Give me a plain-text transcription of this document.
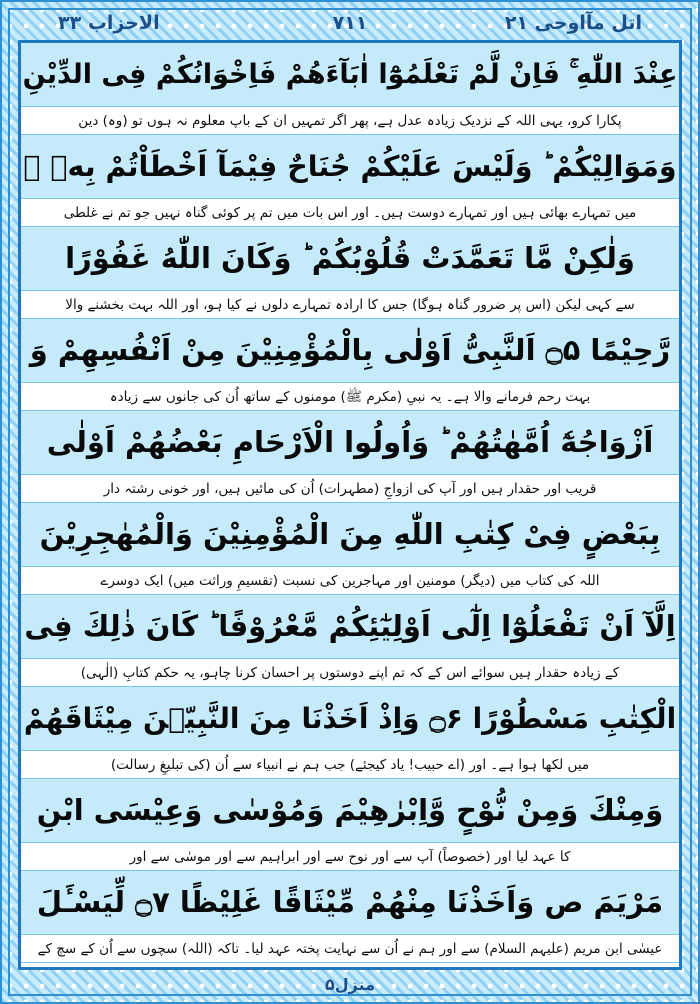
الاحزاب ۳۳	۷۱۱	اتل مآاوحی ۲۱
عِنْدَ اللّٰهِ ۚ فَاِنْ لَّمْ تَعْلَمُوْٓا اٰبَآءَهُمْ فَاِخْوَانُكُمْ فِى الدِّيْنِ
پکارا کرو، یہی اللہ کے نزدیک زیادہ عدل ہے، پھر اگر تمہیں ان کے باپ معلوم نہ ہوں تو (وہ) دین
وَمَوَالِيْكُمْ ؕ وَلَيْسَ عَلَيْكُمْ جُنَاحٌ فِيْمَآ اَخْطَاْتُمْ بِهٖ ۙ
میں تمہارے بھائی ہیں اور تمہارے دوست ہیں۔ اور اس بات میں تم پر کوئی گناہ نہیں جو تم نے غلطی
وَلٰكِنْ مَّا تَعَمَّدَتْ قُلُوْبُكُمْ ؕ وَكَانَ اللّٰهُ غَفُوْرًا
سے کہی لیکن (اس پر ضرور گناہ ہوگا) جس کا ارادہ تمہارے دلوں نے کیا ہو، اور اللہ بہت بخشنے والا
رَّحِيْمًا ۝۵ اَلنَّبِىُّ اَوْلٰى بِالْمُؤْمِنِيْنَ مِنْ اَنْفُسِهِمْ وَ
بہت رحم فرمانے والا ہے۔ یہ نبیِ (مکرم ﷺ) مومنوں کے ساتھ اُن کی جانوں سے زیادہ
اَزْوَاجُهٗٓ اُمَّهٰتُهُمْ ؕ وَاُولُوا الْاَرْحَامِ بَعْضُهُمْ اَوْلٰى
قریب اور حقدار ہیں اور آپ کی ازواجِ (مطہرات) اُن کی مائیں ہیں، اور خونی رشتہ دار
بِبَعْضٍ فِىْ كِتٰبِ اللّٰهِ مِنَ الْمُؤْمِنِيْنَ وَالْمُهٰجِرِيْنَ
اللہ کی کتاب میں (دیگر) مومنین اور مہاجرین کی نسبت (تقسیمِ وراثت میں) ایک دوسرے
اِلَّآ اَنْ تَفْعَلُوْٓا اِلٰٓى اَوْلِيٰٓئِكُمْ مَّعْرُوْفًا ؕ كَانَ ذٰلِكَ فِى
کے زیادہ حقدار ہیں سوائے اس کے کہ تم اپنے دوستوں پر احسان کرنا چاہو، یہ حکم کتابِ (الٰہی)
الْكِتٰبِ مَسْطُوْرًا ۝۶ وَاِذْ اَخَذْنَا مِنَ النَّبِيّٖنَ مِيْثَاقَهُمْ
میں لکھا ہوا ہے۔ اور (اے حبیب! یاد کیجئے) جب ہم نے انبیاء سے اُن (کی تبلیغِ رسالت)
وَمِنْكَ وَمِنْ نُّوْحٍ وَّاِبْرٰهِيْمَ وَمُوْسٰى وَعِيْسَى ابْنِ
کا عہد لیا اور (خصوصاً) آپ سے اور نوح سے اور ابراہیم سے اور موسٰی سے اور
مَرْيَمَ ص وَاَخَذْنَا مِنْهُمْ مِّيْثَاقًا غَلِيْظًا ۝۷ لِّيَسْـَٔلَ
عیسٰی ابن مریم (علیہم السلام) سے اور ہم نے اُن سے نہایت پختہ عہد لیا۔ تاکہ (اللہ) سچوں سے اُن کے سچ کے
منزل۵
